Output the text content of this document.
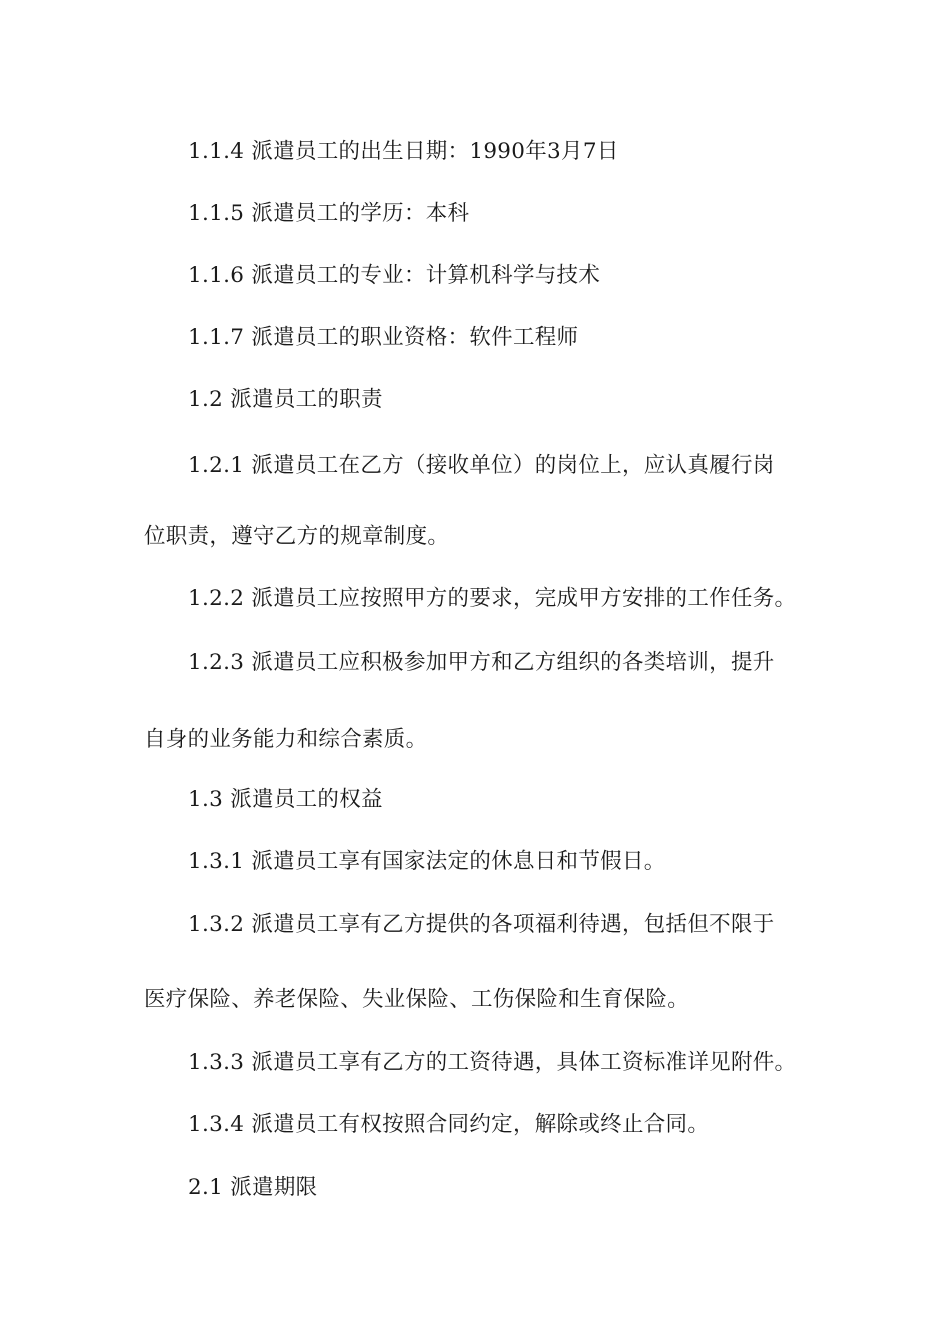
1.1.4 派遣员工的出生日期：1990年3月7日
1.1.5 派遣员工的学历：本科
1.1.6 派遣员工的专业：计算机科学与技术
1.1.7 派遣员工的职业资格：软件工程师
1.2 派遣员工的职责
1.2.1 派遣员工在乙方（接收单位）的岗位上，应认真履行岗
位职责，遵守乙方的规章制度。
1.2.2 派遣员工应按照甲方的要求，完成甲方安排的工作任务。
1.2.3 派遣员工应积极参加甲方和乙方组织的各类培训，提升
自身的业务能力和综合素质。
1.3 派遣员工的权益
1.3.1 派遣员工享有国家法定的休息日和节假日。
1.3.2 派遣员工享有乙方提供的各项福利待遇，包括但不限于
医疗保险、养老保险、失业保险、工伤保险和生育保险。
1.3.3 派遣员工享有乙方的工资待遇，具体工资标准详见附件。
1.3.4 派遣员工有权按照合同约定，解除或终止合同。
2.1 派遣期限
